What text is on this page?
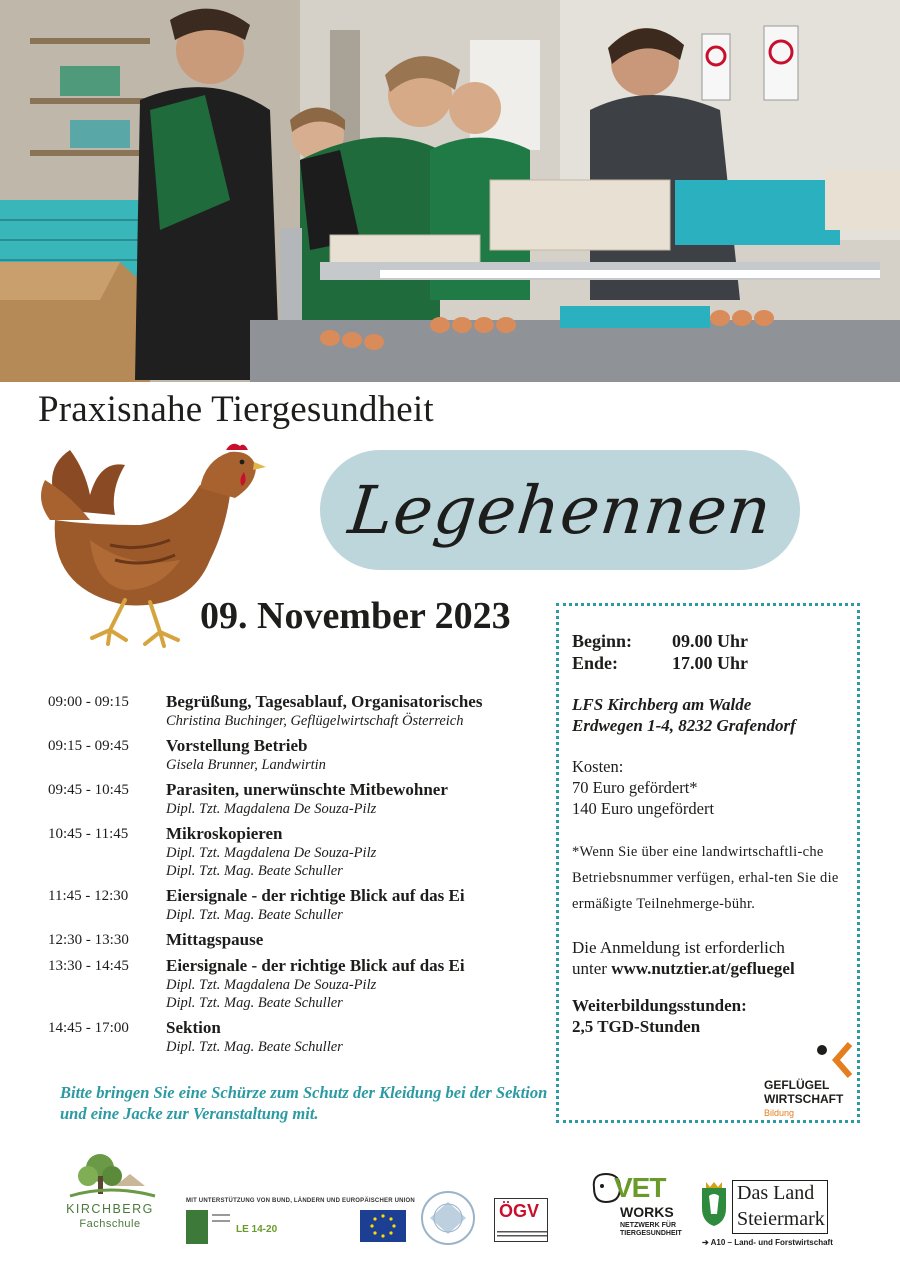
Praxisnahe Tiergesundheit
Legehennen
09. November 2023
09:00 - 09:15	Begrüßung, Tagesablauf, Organisatorisches
Christina Buchinger, Geflügelwirtschaft Österreich
09:15 - 09:45	Vorstellung Betrieb
Gisela Brunner, Landwirtin
09:45 - 10:45	Parasiten, unerwünschte Mitbewohner
Dipl. Tzt. Magdalena De Souza-Pilz
10:45 - 11:45	Mikroskopieren
Dipl. Tzt. Magdalena De Souza-Pilz
Dipl. Tzt. Mag. Beate Schuller
11:45 - 12:30	Eiersignale - der richtige Blick auf das Ei
Dipl. Tzt. Mag. Beate Schuller
12:30 - 13:30	Mittagspause
13:30 - 14:45	Eiersignale - der richtige Blick auf das Ei
Dipl. Tzt. Magdalena De Souza-Pilz
Dipl. Tzt. Mag. Beate Schuller
14:45 - 17:00	Sektion
Dipl. Tzt. Mag. Beate Schuller
Bitte bringen Sie eine Schürze zum Schutz der Kleidung bei der Sektion und eine Jacke zur Veranstaltung mit.
Beginn:	09.00 Uhr
Ende:	17.00 Uhr
LFS Kirchberg am Walde
Erdwegen 1-4, 8232 Grafendorf
Kosten:
70 Euro gefördert*
140 Euro ungefördert
*Wenn Sie über eine landwirtschaftli-che Betriebsnummer verfügen, erhal-ten Sie die ermäßigte Teilnehmerge-bühr.
Die Anmeldung ist erforderlich
unter www.nutztier.at/gefluegel
Weiterbildungsstunden:
2,5 TGD-Stunden
GEFLÜGEL
WIRTSCHAFT
Bildung
KIRCHBERG
Fachschule
MIT UNTERSTÜTZUNG VON BUND, LÄNDERN UND EUROPÄISCHER UNION
LE 14-20
ÖGV
VET
WORKS
NETZWERK FÜR TIERGESUNDHEIT
Das Land
Steiermark
➔ A10 – Land- und Forstwirtschaft
